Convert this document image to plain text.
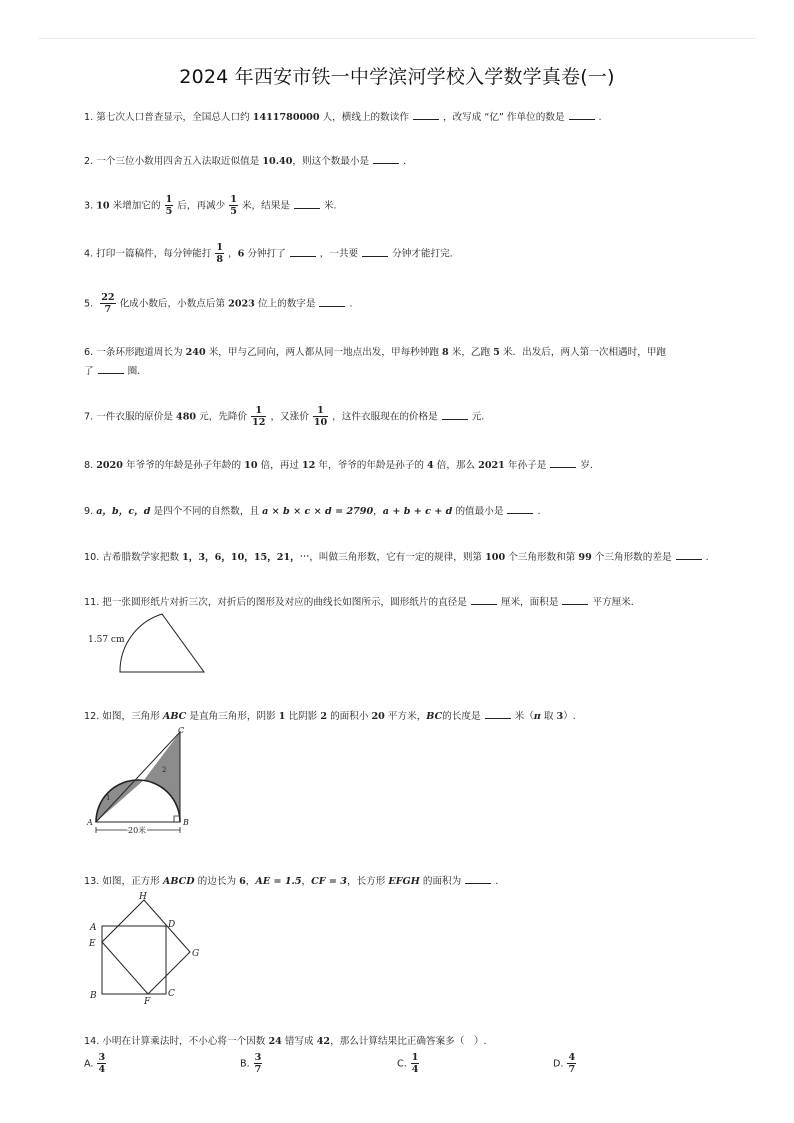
2024 年西安市铁一中学滨河学校入学数学真卷(一)
1. 第七次人口普查显示，全国总人口约 1411780000 人，横线上的数读作	，改写成 “亿” 作单位的数是	.
2. 一个三位小数用四舍五入法取近似值是 10.40，则这个数最小是	.
3. 10 米增加它的 $\frac{1}{5}$ 后，再减少 $\frac{1}{5}$ 米，结果是	米.
4. 打印一篇稿件，每分钟能打 $\frac{1}{8}$ ，6 分钟打了	，一共要	分钟才能打完.
5. $\frac{22}{7}$ 化成小数后，小数点后第 2023 位上的数字是	.
6. 一条环形跑道周长为 240 米，甲与乙同向，两人都从同一地点出发，甲每秒钟跑 8 米，乙跑 5 米．出发后，两人第一次相遇时，甲跑
了	圈.
7. 一件衣服的原价是 480 元，先降价 $\frac{1}{12}$ ，又涨价 $\frac{1}{10}$ ，这件衣服现在的价格是	元.
8. 2020 年爷爷的年龄是孙子年龄的 10 倍，再过 12 年，爷爷的年龄是孙子的 4 倍，那么 2021 年孙子是	岁.
9. a，b，c，d 是四个不同的自然数，且 a × b × c × d = 2790，a + b + c + d 的值最小是	.
10. 古希腊数学家把数 1，3，6，10，15，21，⋯，叫做三角形数，它有一定的规律，则第 100 个三角形数和第 99 个三角形数的差是	.
11. 把一张圆形纸片对折三次，对折后的图形及对应的曲线长如图所示，圆形纸片的直径是	厘米，面积是	平方厘米.
1.57 cm
12. 如图，三角形 ABC 是直角三角形，阴影 1 比阴影 2 的面积小 20 平方米，BC的长度是	米（π 取 3）.
C
A	B
1
2
20米
13. 如图，正方形 ABCD 的边长为 6，AE = 1.5，CF = 3，长方形 EFGH 的面积为	.
H
A	D
E
G
B
F
C
14. 小明在计算乘法时，不小心将一个因数 24 错写成 42，那么计算结果比正确答案多（　）.
A. $\frac{3}{4}$	B. $\frac{3}{7}$	C. $\frac{1}{4}$	D. $\frac{4}{7}$
